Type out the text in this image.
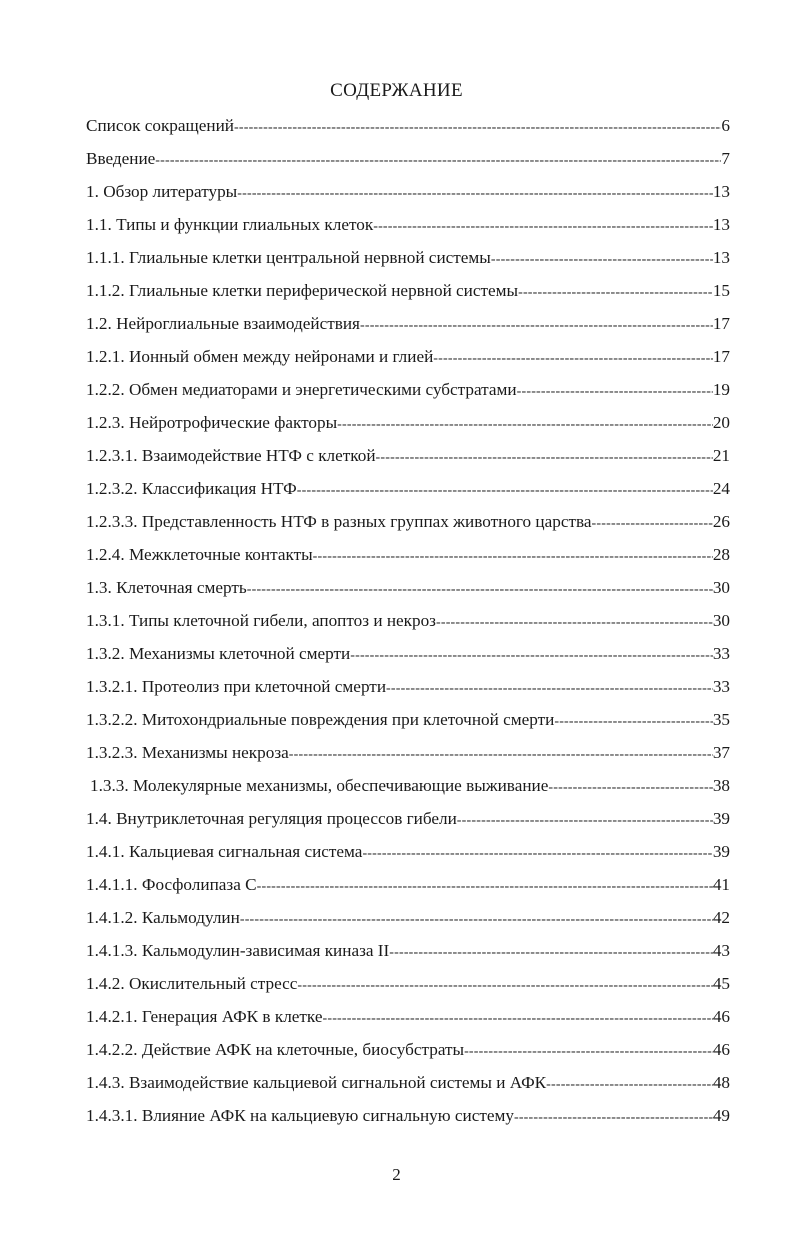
СОДЕРЖАНИЕ
Список сокращений -----	6
Введение -----	7
1. Обзор литературы -----	13
1.1. Типы и функции глиальных клеток -----	13
1.1.1. Глиальные клетки центральной нервной системы -----	13
1.1.2. Глиальные клетки периферической нервной системы -----	15
1.2. Нейроглиальные взаимодействия -----	17
1.2.1. Ионный обмен между нейронами и глией -----	17
1.2.2. Обмен медиаторами и энергетическими субстратами -----	19
1.2.3. Нейротрофические факторы -----	20
1.2.3.1. Взаимодействие НТФ с клеткой -----	21
1.2.3.2. Классификация НТФ -----	24
1.2.3.3. Представленность НТФ в разных группах животного царства -----	26
1.2.4. Межклеточные контакты -----	28
1.3. Клеточная смерть -----	30
1.3.1. Типы клеточной гибели, апоптоз и некроз -----	30
1.3.2. Механизмы клеточной смерти -----	33
1.3.2.1. Протеолиз при клеточной смерти -----	33
1.3.2.2. Митохондриальные повреждения при клеточной смерти -----	35
1.3.2.3. Механизмы некроза -----	37
1.3.3. Молекулярные механизмы, обеспечивающие выживание -----	38
1.4. Внутриклеточная регуляция процессов гибели -----	39
1.4.1. Кальциевая сигнальная система -----	39
1.4.1.1. Фосфолипаза С -----	41
1.4.1.2. Кальмодулин -----	42
1.4.1.3. Кальмодулин-зависимая киназа II -----	43
1.4.2. Окислительный стресс -----	45
1.4.2.1. Генерация АФК в клетке -----	46
1.4.2.2. Действие АФК на клеточные, биосубстраты -----	46
1.4.3. Взаимодействие кальциевой сигнальной системы и АФК -----	48
1.4.3.1. Влияние АФК на кальциевую сигнальную систему -----	49
2
